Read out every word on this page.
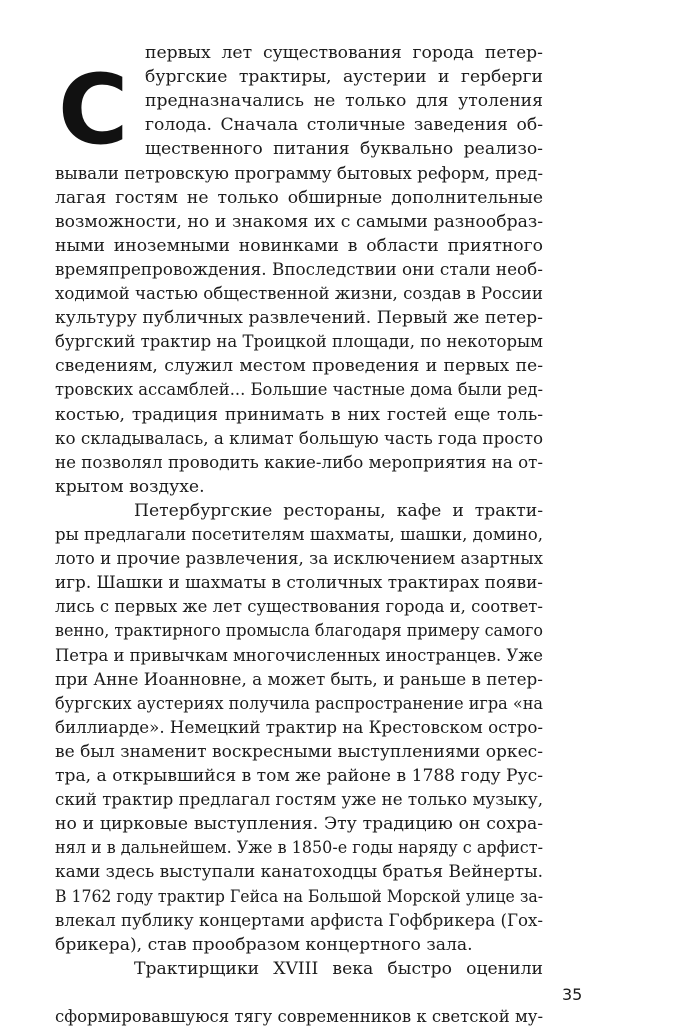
С
первых лет существования города петер-
бургские трактиры, аустерии и герберги
предназначались не только для утоления
голода. Сначала столичные заведения об-
щественного питания буквально реализо-
вывали петровскую программу бытовых реформ, пред-
лагая гостям не только обширные дополнительные
возможности, но и знакомя их с самыми разнообраз-
ными иноземными новинками в области приятного
времяпрепровождения. Впоследствии они стали необ-
ходимой частью общественной жизни, создав в России
культуру публичных развлечений. Первый же петер-
бургский трактир на Троицкой площади, по некоторым
сведениям, служил местом проведения и первых пе-
тровских ассамблей... Большие частные дома были ред-
костью, традиция принимать в них гостей еще толь-
ко складывалась, а климат большую часть года просто
не позволял проводить какие-либо мероприятия на от-
крытом воздухе.
Петербургские рестораны, кафе и тракти-
ры предлагали посетителям шахматы, шашки, домино,
лото и прочие развлечения, за исключением азартных
игр. Шашки и шахматы в столичных трактирах появи-
лись с первых же лет существования города и, соответ-
венно, трактирного промысла благодаря примеру самого
Петра и привычкам многочисленных иностранцев. Уже
при Анне Иоанновне, а может быть, и раньше в петер-
бургских аустериях получила распространение игра «на
биллиарде». Немецкий трактир на Крестовском остро-
ве был знаменит воскресными выступлениями оркес-
тра, а открывшийся в том же районе в 1788 году Рус-
ский трактир предлагал гостям уже не только музыку,
но и цирковые выступления. Эту традицию он сохра-
нял и в дальнейшем. Уже в 1850-е годы наряду с арфист-
ками здесь выступали канатоходцы братья Вейнерты.
В 1762 году трактир Гейса на Большой Морской улице за-
влекал публику концертами арфиста Гофбрикера (Гох-
брикера), став прообразом концертного зала.
Трактирщики XVIII века быстро оценили
сформировавшуюся тягу современников к светской му-
35
